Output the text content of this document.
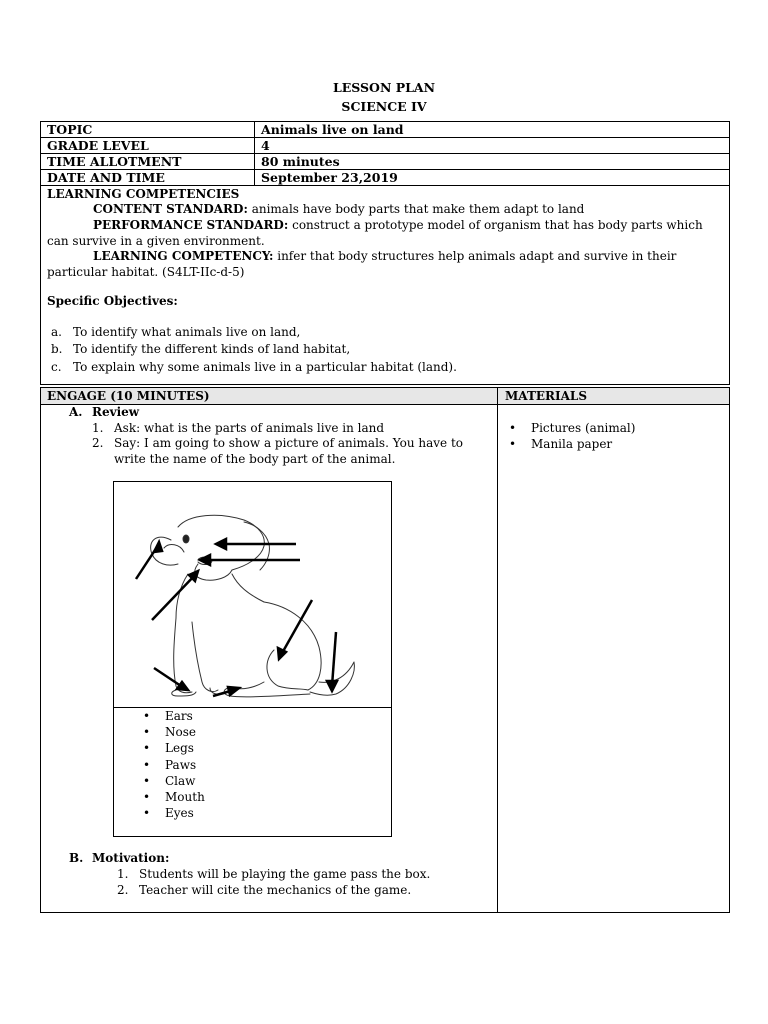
LESSON PLAN
SCIENCE IV
TOPIC	Animals live on land
GRADE LEVEL	4
TIME ALLOTMENT	80 minutes
DATE AND TIME	September 23,2019
LEARNING COMPETENCIES
CONTENT STANDARD: animals have body parts that make them adapt to land
PERFORMANCE STANDARD: construct a prototype model of organism that has body parts which
can survive in a given environment.
LEARNING COMPETENCY: infer that body structures help animals adapt and survive in their
particular habitat. (S4LT-IIc-d-5)
Specific Objectives:
a. To identify what animals live on land,
b. To identify the different kinds of land habitat,
c. To explain why some animals live in a particular habitat (land).
ENGAGE (10 MINUTES)	MATERIALS
A. Review
1. Ask: what is the parts of animals live in land
2. Say: I am going to show a picture of animals. You have to
write the name of the body part of the animal.
• Ears
• Nose
• Legs
• Paws
• Claw
• Mouth
• Eyes
B. Motivation:
1. Students will be playing the game pass the box.
2. Teacher will cite the mechanics of the game.
• Pictures (animal)
• Manila paper
